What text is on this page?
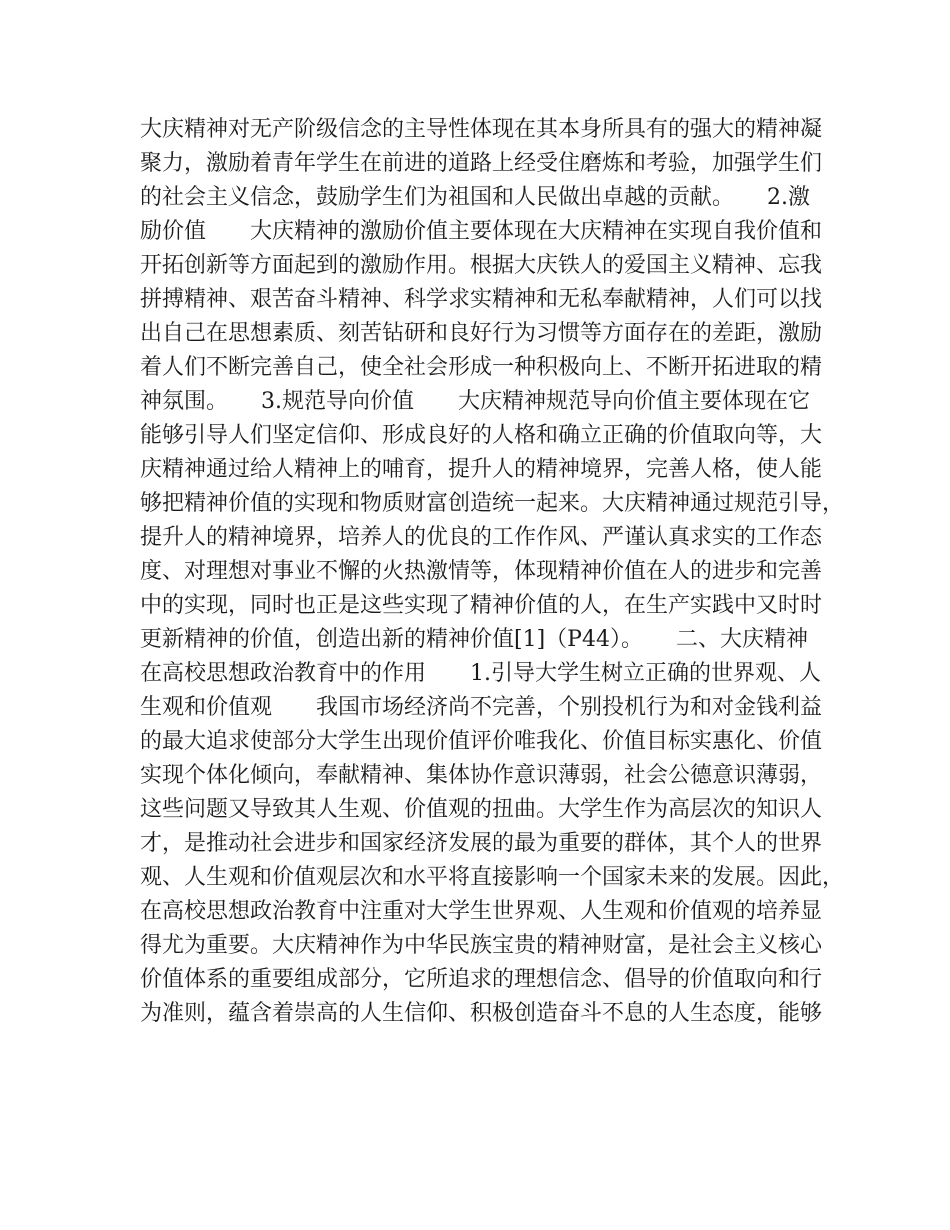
大庆精神对无产阶级信念的主导性体现在其本身所具有的强大的精神凝
聚力，激励着青年学生在前进的道路上经受住磨炼和考验，加强学生们
的社会主义信念，鼓励学生们为祖国和人民做出卓越的贡献。　　2.激
励价值　　大庆精神的激励价值主要体现在大庆精神在实现自我价值和
开拓创新等方面起到的激励作用。根据大庆铁人的爱国主义精神、忘我
拼搏精神、艰苦奋斗精神、科学求实精神和无私奉献精神，人们可以找
出自己在思想素质、刻苦钻研和良好行为习惯等方面存在的差距，激励
着人们不断完善自己，使全社会形成一种积极向上、不断开拓进取的精
神氛围。　　3.规范导向价值　　大庆精神规范导向价值主要体现在它
能够引导人们坚定信仰、形成良好的人格和确立正确的价值取向等，大
庆精神通过给人精神上的哺育，提升人的精神境界，完善人格，使人能
够把精神价值的实现和物质财富创造统一起来。大庆精神通过规范引导，
提升人的精神境界，培养人的优良的工作作风、严谨认真求实的工作态
度、对理想对事业不懈的火热激情等，体现精神价值在人的进步和完善
中的实现，同时也正是这些实现了精神价值的人，在生产实践中又时时
更新精神的价值，创造出新的精神价值[1]（P44）。　　二、大庆精神
在高校思想政治教育中的作用　　1.引导大学生树立正确的世界观、人
生观和价值观　　我国市场经济尚不完善，个别投机行为和对金钱利益
的最大追求使部分大学生出现价值评价唯我化、价值目标实惠化、价值
实现个体化倾向，奉献精神、集体协作意识薄弱，社会公德意识薄弱，
这些问题又导致其人生观、价值观的扭曲。大学生作为高层次的知识人
才，是推动社会进步和国家经济发展的最为重要的群体，其个人的世界
观、人生观和价值观层次和水平将直接影响一个国家未来的发展。因此，
在高校思想政治教育中注重对大学生世界观、人生观和价值观的培养显
得尤为重要。大庆精神作为中华民族宝贵的精神财富，是社会主义核心
价值体系的重要组成部分，它所追求的理想信念、倡导的价值取向和行
为准则，蕴含着崇高的人生信仰、积极创造奋斗不息的人生态度，能够
